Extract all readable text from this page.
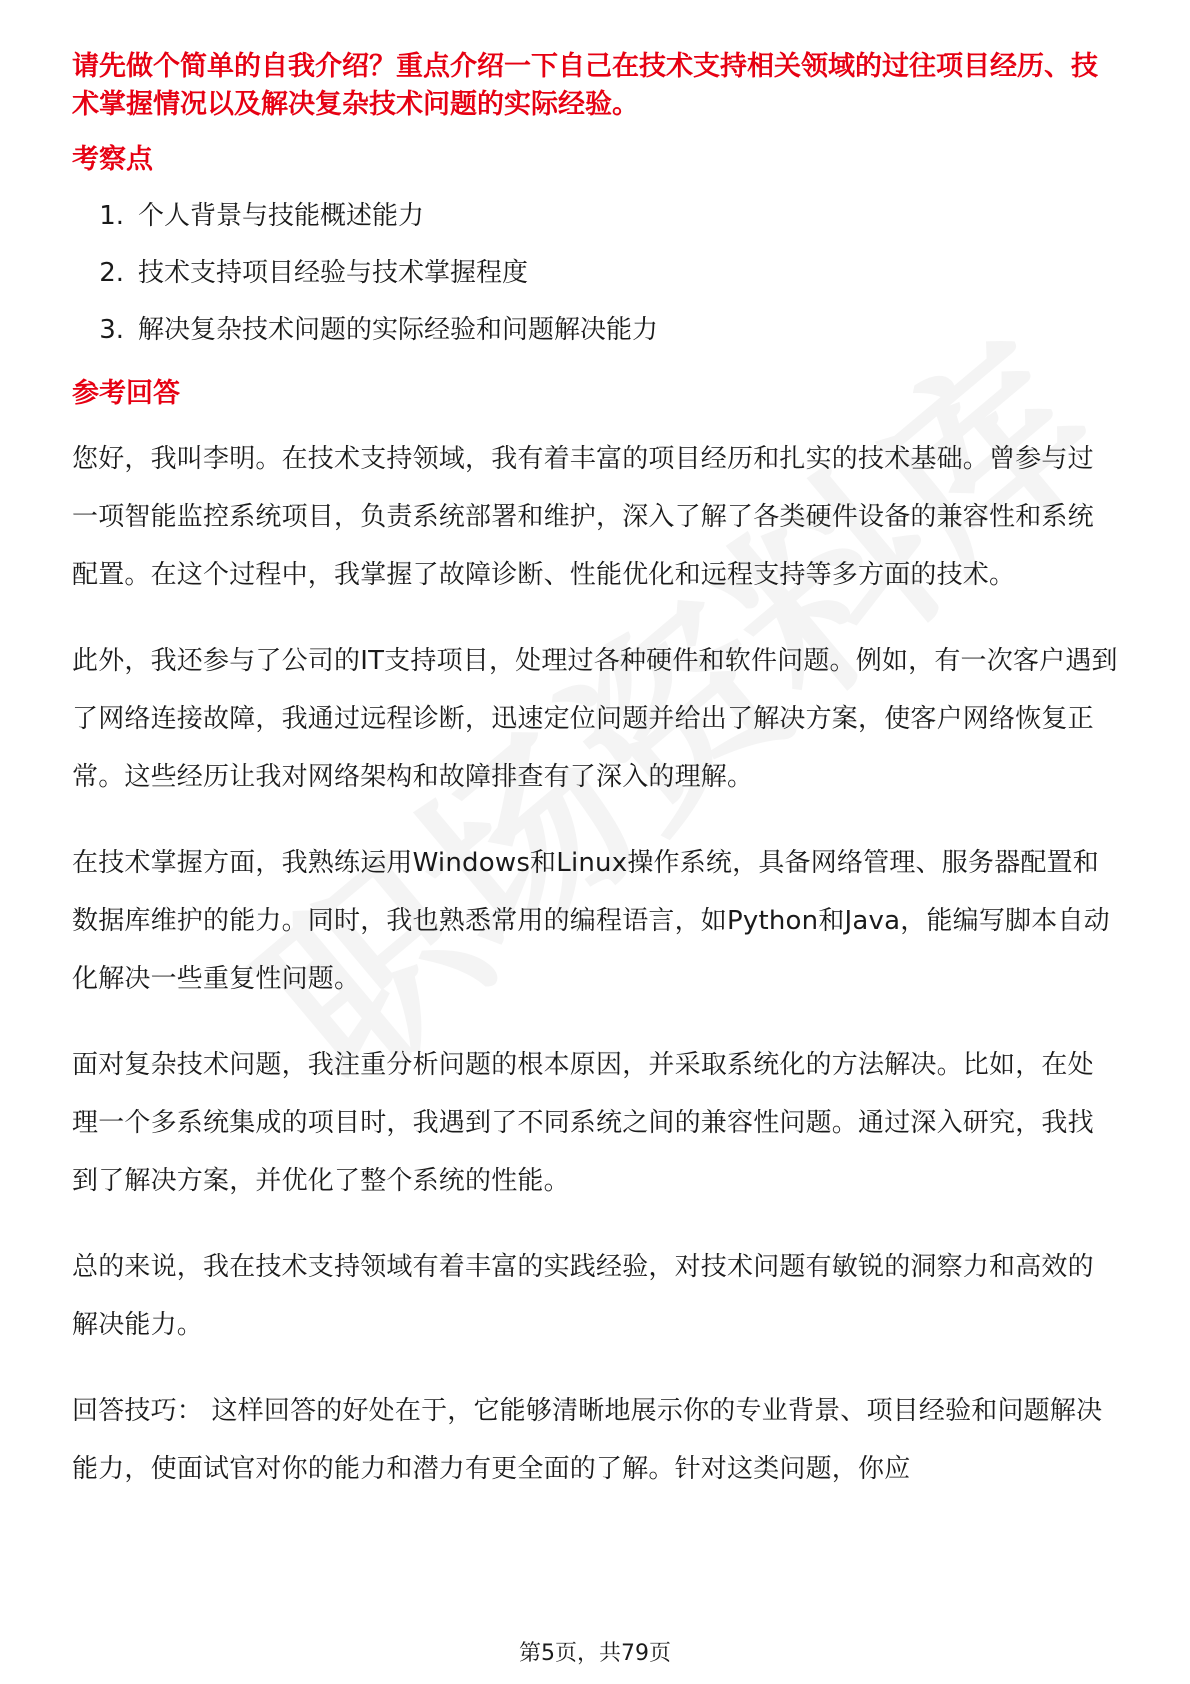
请先做个简单的自我介绍？重点介绍一下自己在技术支持相关领域的过往项目经历、技术掌握情况以及解决复杂技术问题的实际经验。

考察点

1. 个人背景与技能概述能力
2. 技术支持项目经验与技术掌握程度
3. 解决复杂技术问题的实际经验和问题解决能力

参考回答

您好，我叫李明。在技术支持领域，我有着丰富的项目经历和扎实的技术基础。曾参与过一项智能监控系统项目，负责系统部署和维护，深入了解了各类硬件设备的兼容性和系统配置。在这个过程中，我掌握了故障诊断、性能优化和远程支持等多方面的技术。

此外，我还参与了公司的IT支持项目，处理过各种硬件和软件问题。例如，有一次客户遇到了网络连接故障，我通过远程诊断，迅速定位问题并给出了解决方案，使客户网络恢复正常。这些经历让我对网络架构和故障排查有了深入的理解。

在技术掌握方面，我熟练运用Windows和Linux操作系统，具备网络管理、服务器配置和数据库维护的能力。同时，我也熟悉常用的编程语言，如Python和Java，能编写脚本自动化解决一些重复性问题。

面对复杂技术问题，我注重分析问题的根本原因，并采取系统化的方法解决。比如，在处理一个多系统集成的项目时，我遇到了不同系统之间的兼容性问题。通过深入研究，我找到了解决方案，并优化了整个系统的性能。

总的来说，我在技术支持领域有着丰富的实践经验，对技术问题有敏锐的洞察力和高效的解决能力。

回答技巧： 这样回答的好处在于，它能够清晰地展示你的专业背景、项目经验和问题解决能力，使面试官对你的能力和潜力有更全面的了解。针对这类问题，你应

第5页，共79页
